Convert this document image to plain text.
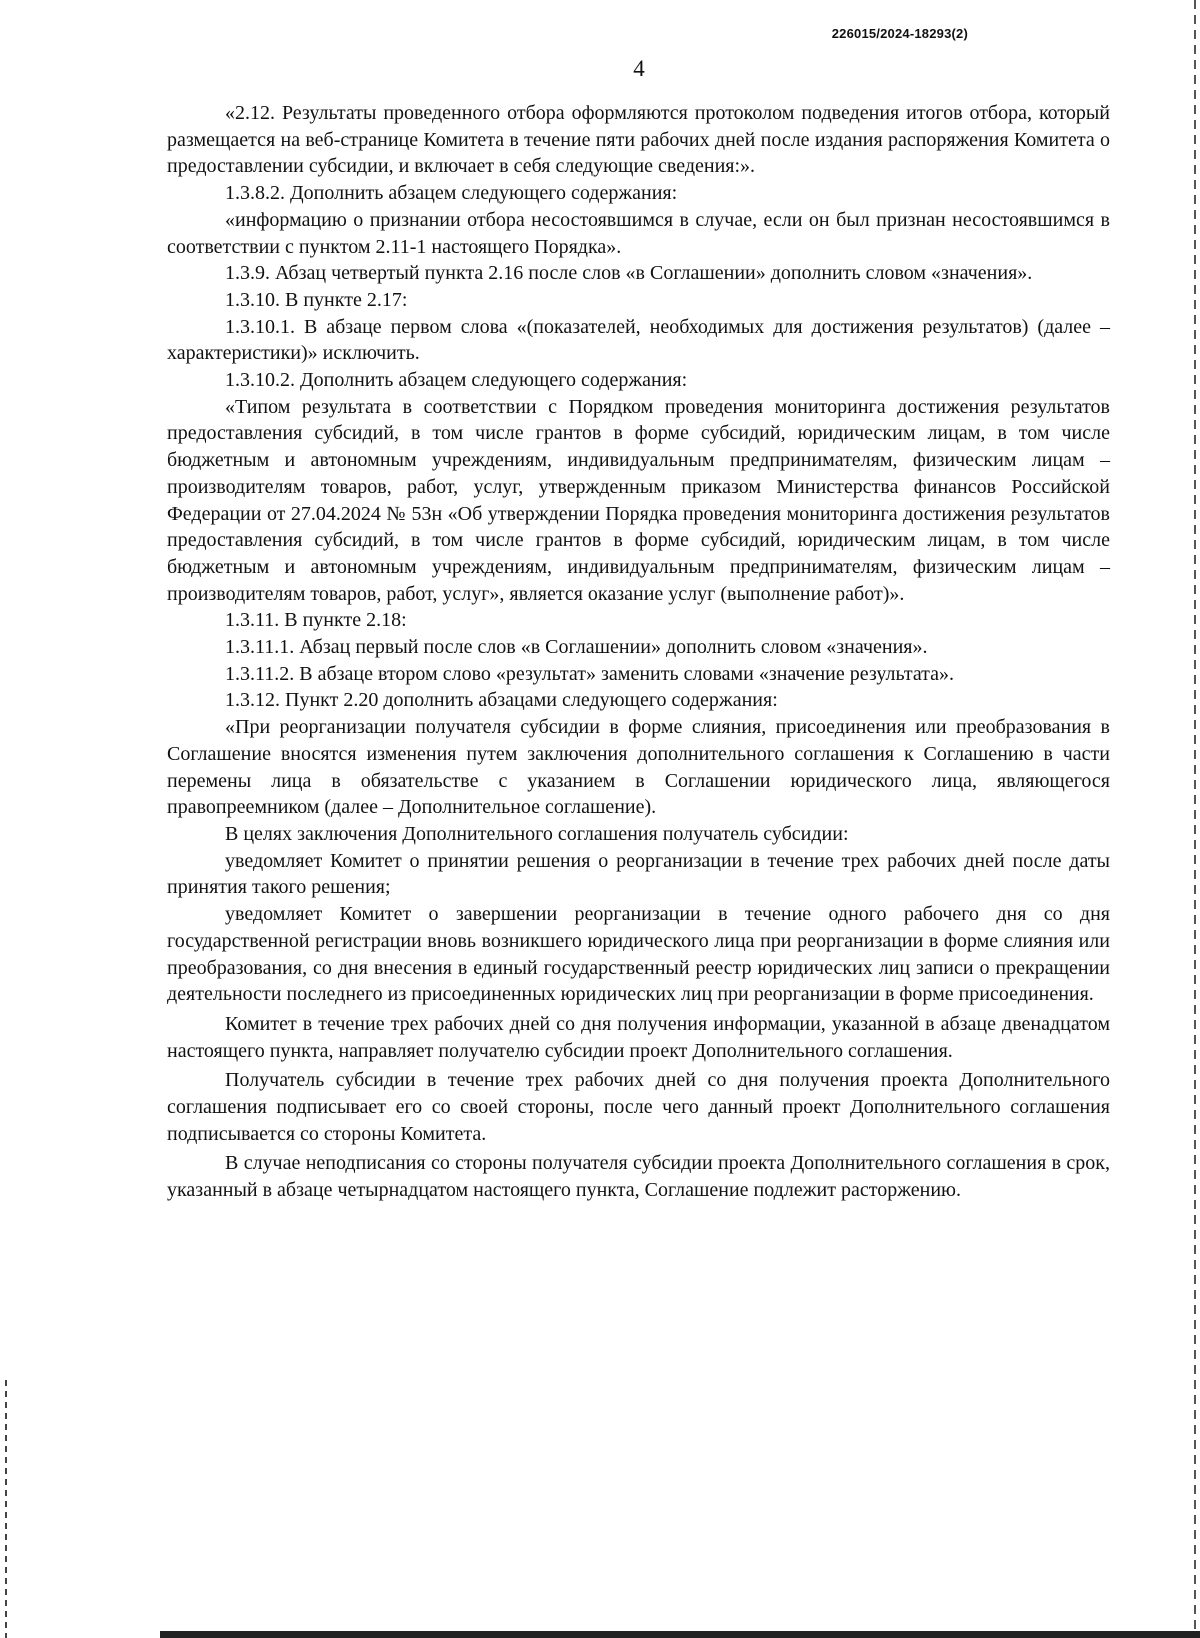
226015/2024-18293(2)
4

«2.12. Результаты проведенного отбора оформляются протоколом подведения итогов отбора, который размещается на веб-странице Комитета в течение пяти рабочих дней после издания распоряжения Комитета о предоставлении субсидии, и включает в себя следующие сведения:».

1.3.8.2. Дополнить абзацем следующего содержания:

«информацию о признании отбора несостоявшимся в случае, если он был признан несостоявшимся в соответствии с пунктом 2.11-1 настоящего Порядка».

1.3.9. Абзац четвертый пункта 2.16 после слов «в Соглашении» дополнить словом «значения».

1.3.10. В пункте 2.17:

1.3.10.1. В абзаце первом слова «(показателей, необходимых для достижения результатов) (далее – характеристики)» исключить.

1.3.10.2. Дополнить абзацем следующего содержания:

«Типом результата в соответствии с Порядком проведения мониторинга достижения результатов предоставления субсидий, в том числе грантов в форме субсидий, юридическим лицам, в том числе бюджетным и автономным учреждениям, индивидуальным предпринимателям, физическим лицам – производителям товаров, работ, услуг, утвержденным приказом Министерства финансов Российской Федерации от 27.04.2024 № 53н «Об утверждении Порядка проведения мониторинга достижения результатов предоставления субсидий, в том числе грантов в форме субсидий, юридическим лицам, в том числе бюджетным и автономным учреждениям, индивидуальным предпринимателям, физическим лицам – производителям товаров, работ, услуг», является оказание услуг (выполнение работ)».

1.3.11. В пункте 2.18:

1.3.11.1. Абзац первый после слов «в Соглашении» дополнить словом «значения».

1.3.11.2. В абзаце втором слово «результат» заменить словами «значение результата».

1.3.12. Пункт 2.20 дополнить абзацами следующего содержания:

«При реорганизации получателя субсидии в форме слияния, присоединения или преобразования в Соглашение вносятся изменения путем заключения дополнительного соглашения к Соглашению в части перемены лица в обязательстве с указанием в Соглашении юридического лица, являющегося правопреемником (далее – Дополнительное соглашение).

В целях заключения Дополнительного соглашения получатель субсидии:

уведомляет Комитет о принятии решения о реорганизации в течение трех рабочих дней после даты принятия такого решения;

уведомляет Комитет о завершении реорганизации в течение одного рабочего дня со дня государственной регистрации вновь возникшего юридического лица при реорганизации в форме слияния или преобразования, со дня внесения в единый государственный реестр юридических лиц записи о прекращении деятельности последнего из присоединенных юридических лиц при реорганизации в форме присоединения.

Комитет в течение трех рабочих дней со дня получения информации, указанной в абзаце двенадцатом настоящего пункта, направляет получателю субсидии проект Дополнительного соглашения.

Получатель субсидии в течение трех рабочих дней со дня получения проекта Дополнительного соглашения подписывает его со своей стороны, после чего данный проект Дополнительного соглашения подписывается со стороны Комитета.

В случае неподписания со стороны получателя субсидии проекта Дополнительного соглашения в срок, указанный в абзаце четырнадцатом настоящего пункта, Соглашение подлежит расторжению.
